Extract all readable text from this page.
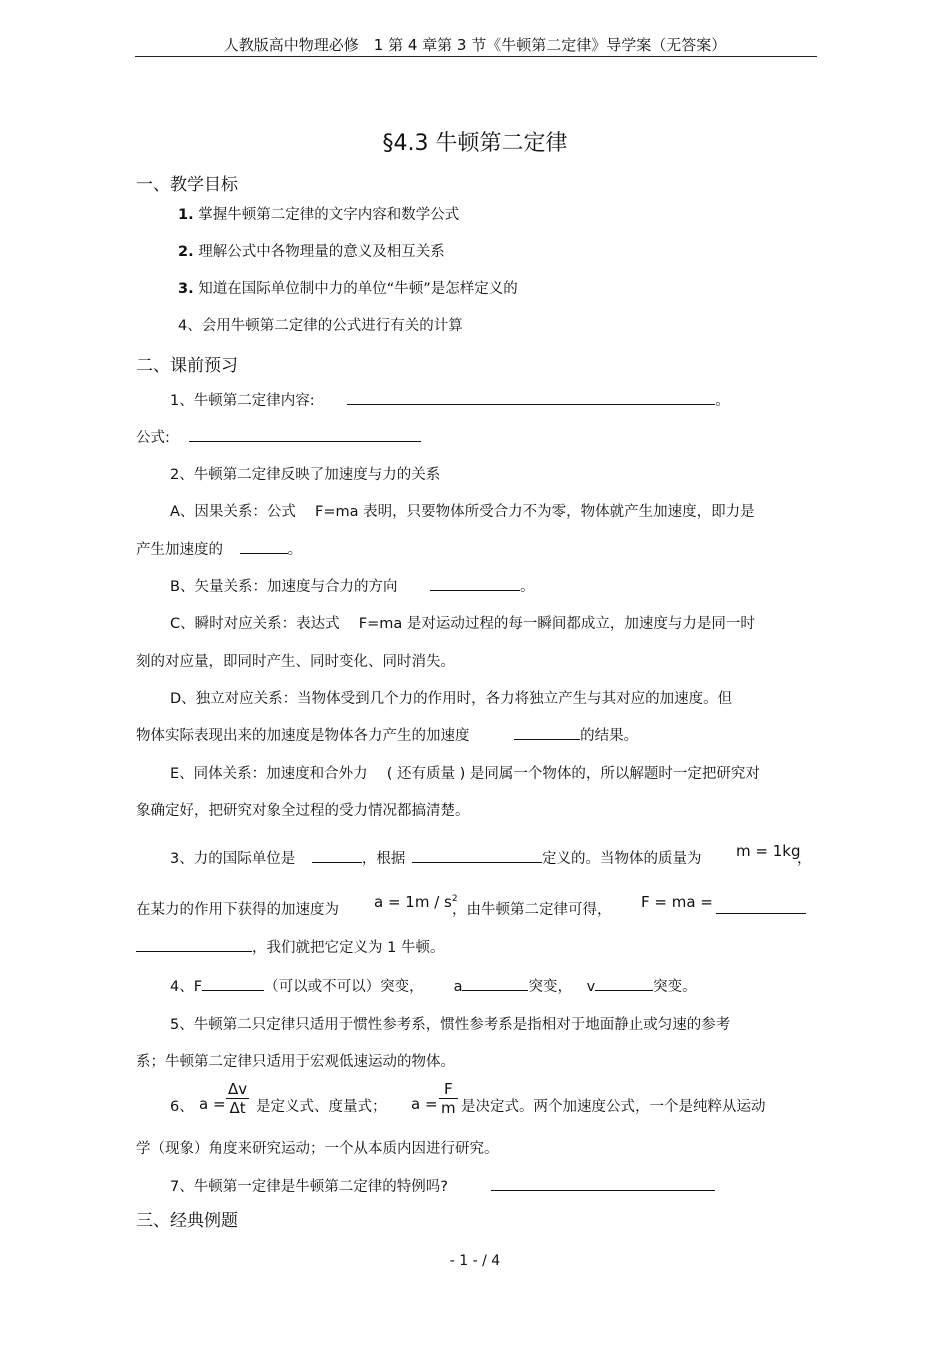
人教版高中物理必修　1 第 4 章第 3 节《牛顿第二定律》导学案（无答案）
§4.3 牛顿第二定律
一、教学目标
1. 掌握牛顿第二定律的文字内容和数学公式
2. 理解公式中各物理量的意义及相互关系
3. 知道在国际单位制中力的单位“牛顿”是怎样定义的
4、会用牛顿第二定律的公式进行有关的计算
二、课前预习
1、牛顿第二定律内容:	。
公式:
2、牛顿第二定律反映了加速度与力的关系
A、因果关系：公式　 F=ma 表明，只要物体所受合力不为零，物体就产生加速度，即力是
产生加速度的	。
B、矢量关系：加速度与合力的方向	。
C、瞬时对应关系：表达式　 F=ma 是对运动过程的每一瞬间都成立，加速度与力是同一时
刻的对应量，即同时产生、同时变化、同时消失。
D、独立对应关系：当物体受到几个力的作用时，各力将独立产生与其对应的加速度。但
物体实际表现出来的加速度是物体各力产生的加速度	的结果。
E、同体关系：加速度和合外力　 ( 还有质量 ) 是同属一个物体的，所以解题时一定把研究对
象确定好，把研究对象全过程的受力情况都搞清楚。
3、力的国际单位是	，根据	定义的。当物体的质量为 m = 1kg
，
在某力的作用下获得的加速度为 $a = 1m / s^2$
，由牛顿第二定律可得， F = ma =
，我们就把它定义为 1 牛顿。
4、F	（可以或不可以）突变， a	突变， v	突变。
5、牛顿第二只定律只适用于惯性参考系，惯性参考系是指相对于地面静止或匀速的参考
系；牛顿第二定律只适用于宏观低速运动的物体。
6、 $a = \frac{\Delta v}{\Delta t}$ 是定义式、度量式； $a = \frac{F}{m}$ 是决定式。两个加速度公式，一个是纯粹从运动
学（现象）角度来研究运动；一个从本质内因进行研究。
7、牛顿第一定律是牛顿第二定律的特例吗?
三、经典例题
- 1 - / 4
